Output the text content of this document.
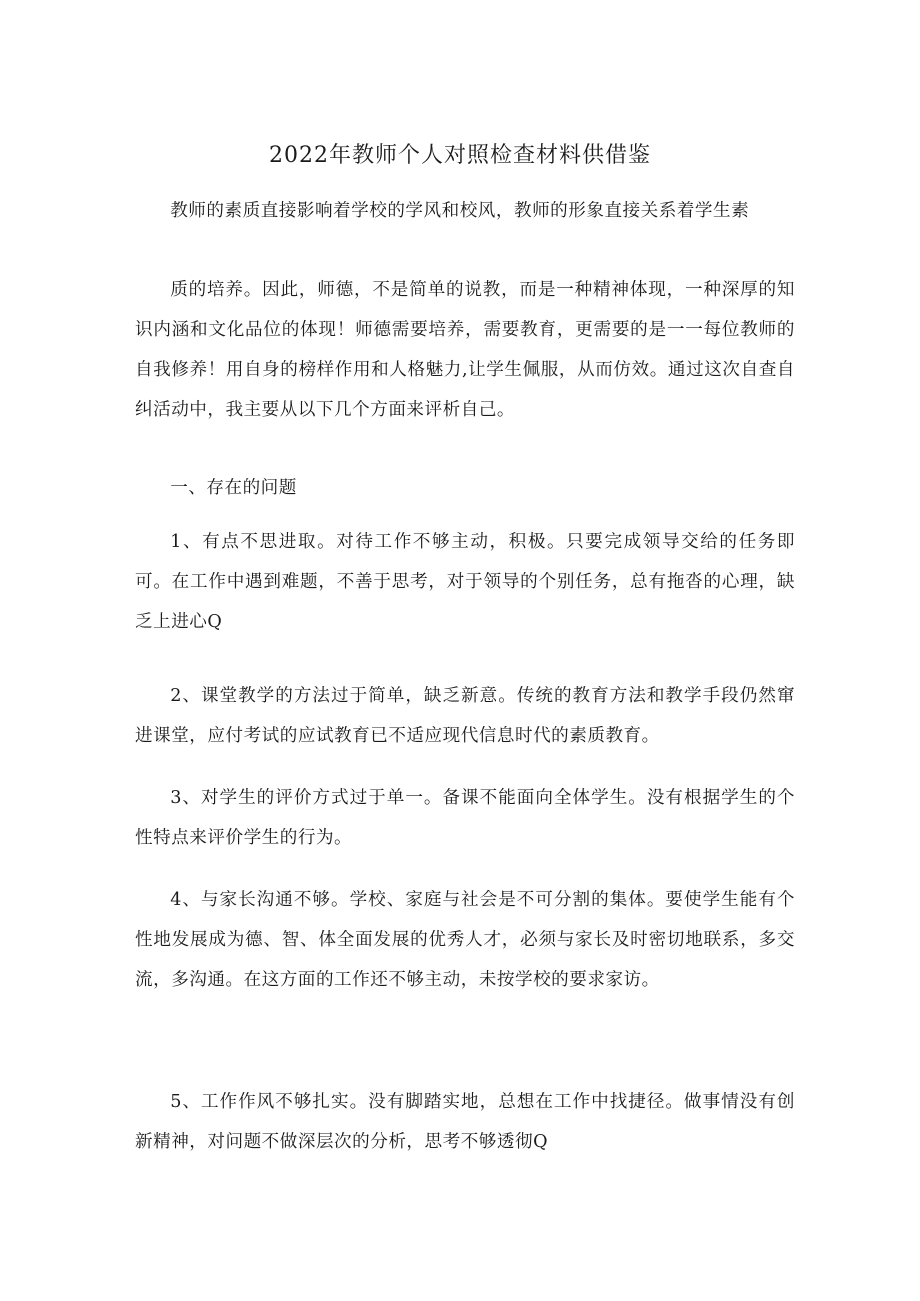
2022年教师个人对照检查材料供借鉴

教师的素质直接影响着学校的学风和校风，教师的形象直接关系着学生素

质的培养。因此，师德，不是简单的说教，而是一种精神体现，一种深厚的知识内涵和文化品位的体现！师德需要培养，需要教育，更需要的是一一每位教师的自我修养！用自身的榜样作用和人格魅力,让学生佩服，从而仿效。通过这次自查自纠活动中，我主要从以下几个方面来评析自己。

一、存在的问题

1、有点不思进取。对待工作不够主动，积极。只要完成领导交给的任务即可。在工作中遇到难题，不善于思考，对于领导的个别任务，总有拖沓的心理，缺乏上进心Q

2、课堂教学的方法过于简单，缺乏新意。传统的教育方法和教学手段仍然窜进课堂，应付考试的应试教育已不适应现代信息时代的素质教育。

3、对学生的评价方式过于单一。备课不能面向全体学生。没有根据学生的个性特点来评价学生的行为。

4、与家长沟通不够。学校、家庭与社会是不可分割的集体。要使学生能有个性地发展成为德、智、体全面发展的优秀人才，必须与家长及时密切地联系，多交流，多沟通。在这方面的工作还不够主动，未按学校的要求家访。

5、工作作风不够扎实。没有脚踏实地，总想在工作中找捷径。做事情没有创新精神，对问题不做深层次的分析，思考不够透彻Q
